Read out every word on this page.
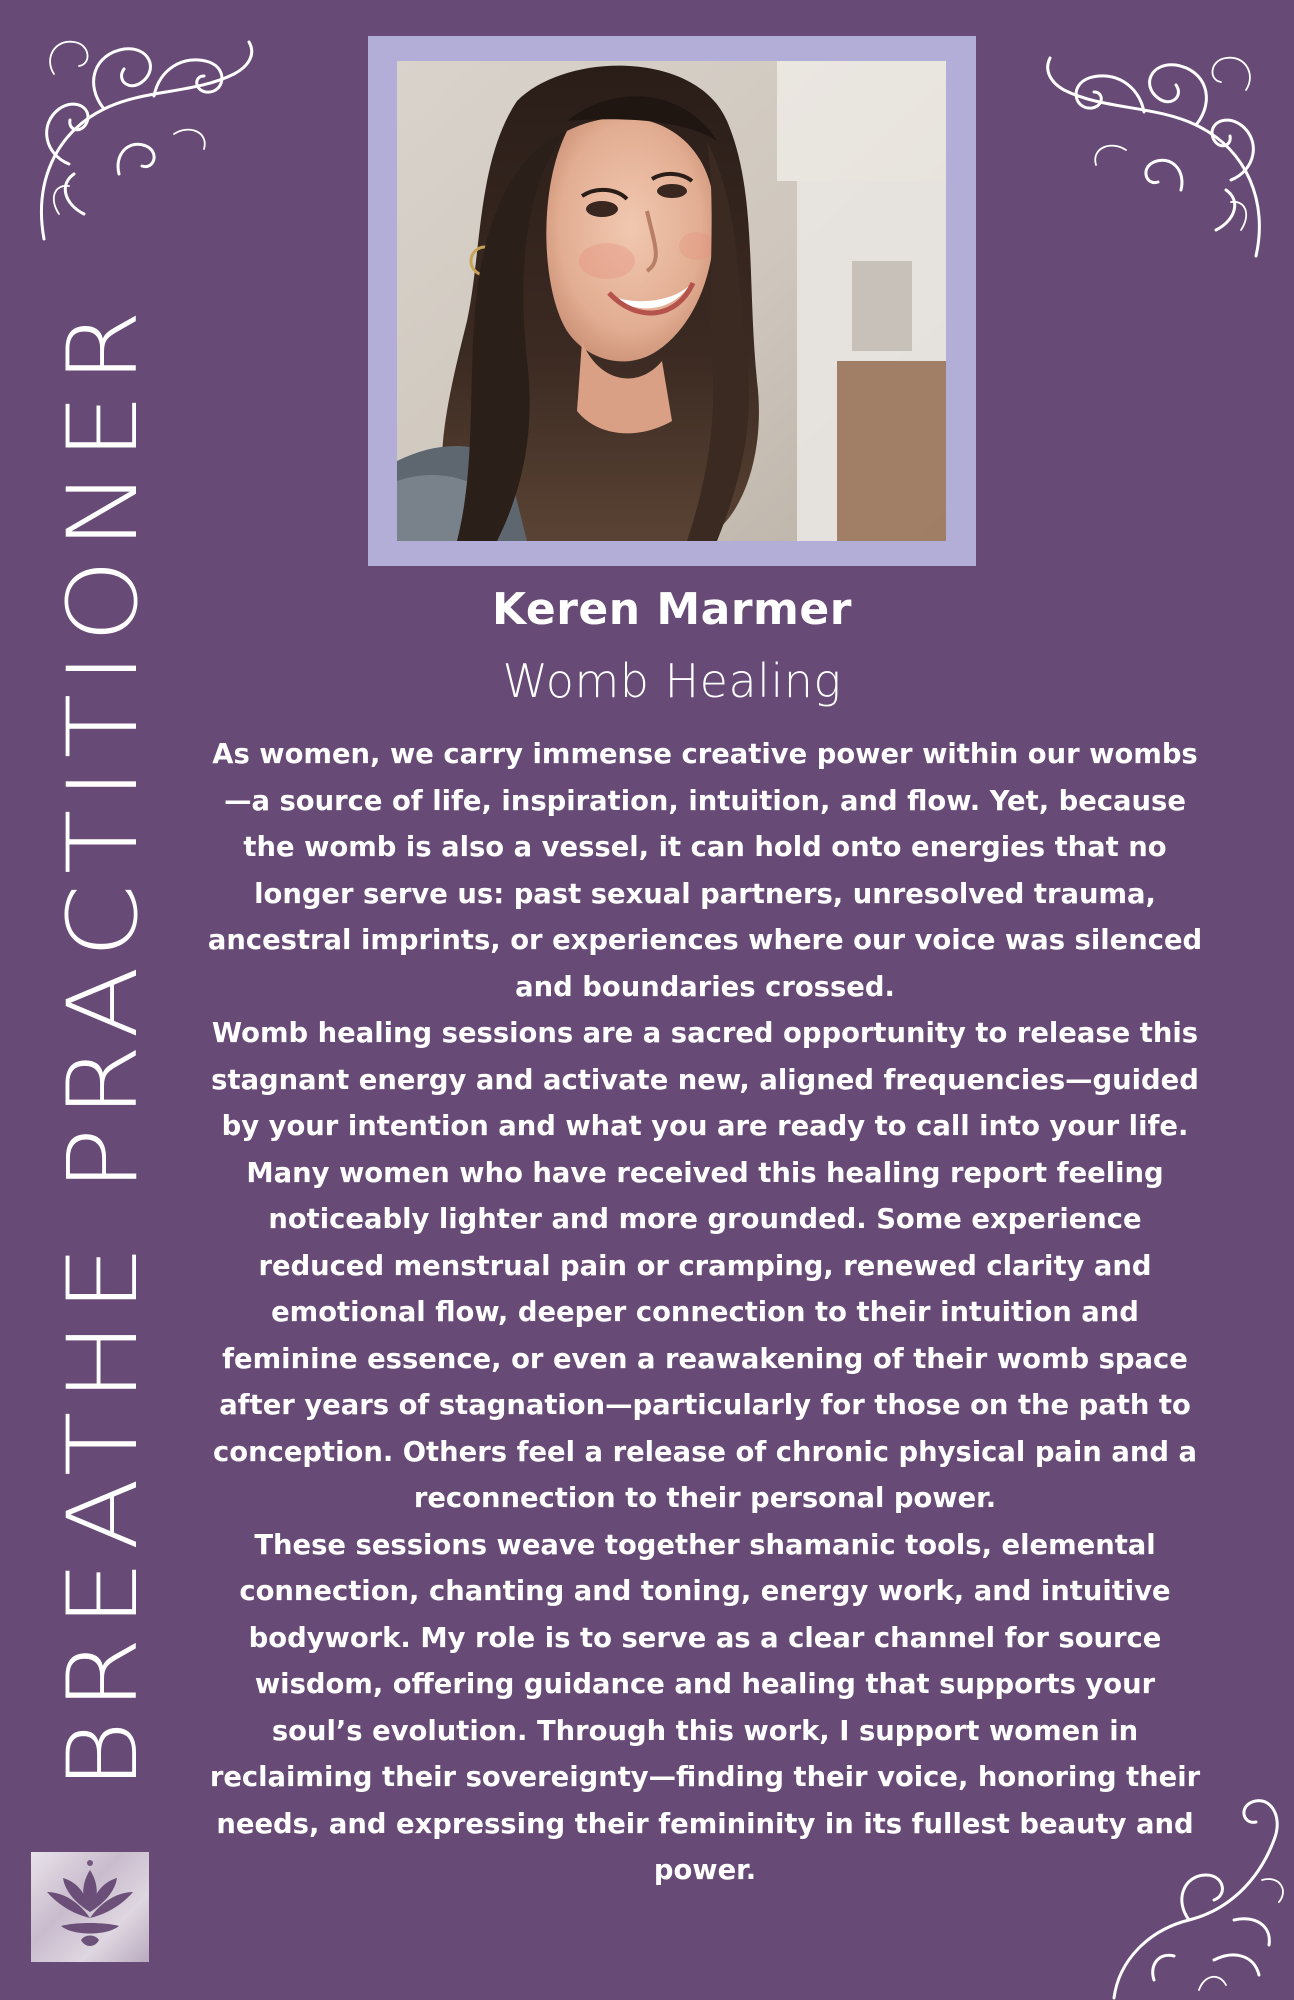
BREATHE PRACTITIONER	Keren Marmer
Womb Healing

As women, we carry immense creative power within our wombs—a source of life, inspiration, intuition, and flow. Yet, because the womb is also a vessel, it can hold onto energies that no longer serve us: past sexual partners, unresolved trauma, ancestral imprints, or experiences where our voice was silenced and boundaries crossed.

Womb healing sessions are a sacred opportunity to release this stagnant energy and activate new, aligned frequencies—guided by your intention and what you are ready to call into your life.

Many women who have received this healing report feeling noticeably lighter and more grounded. Some experience reduced menstrual pain or cramping, renewed clarity and emotional flow, deeper connection to their intuition and feminine essence, or even a reawakening of their womb space after years of stagnation—particularly for those on the path to conception. Others feel a release of chronic physical pain and a reconnection to their personal power.

These sessions weave together shamanic tools, elemental connection, chanting and toning, energy work, and intuitive bodywork. My role is to serve as a clear channel for source wisdom, offering guidance and healing that supports your soul’s evolution. Through this work, I support women in reclaiming their sovereignty—finding their voice, honoring their needs, and expressing their femininity in its fullest beauty and power.
